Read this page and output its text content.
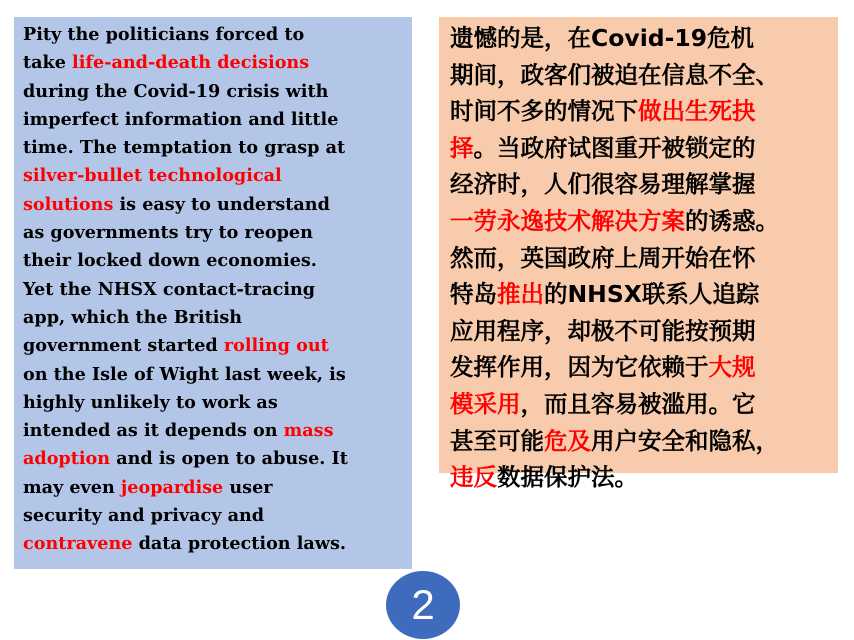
Pity the politicians forced to
take life-and-death decisions
during the Covid-19 crisis with
imperfect information and little
time. The temptation to grasp at
silver-bullet technological
solutions is easy to understand
as governments try to reopen
their locked down economies.
Yet the NHSX contact-tracing
app, which the British
government started rolling out
on the Isle of Wight last week, is
highly unlikely to work as
intended as it depends on mass
adoption and is open to abuse. It
may even jeopardise user
security and privacy and
contravene data protection laws.
遗憾的是，在Covid-19危机
期间，政客们被迫在信息不全、
时间不多的情况下做出生死抉
择。当政府试图重开被锁定的
经济时，人们很容易理解掌握
一劳永逸技术解决方案的诱惑。
然而，英国政府上周开始在怀
特岛推出的NHSX联系人追踪
应用程序，却极不可能按预期
发挥作用，因为它依赖于大规
模采用，而且容易被滥用。它
甚至可能危及用户安全和隐私，
违反数据保护法。
2
